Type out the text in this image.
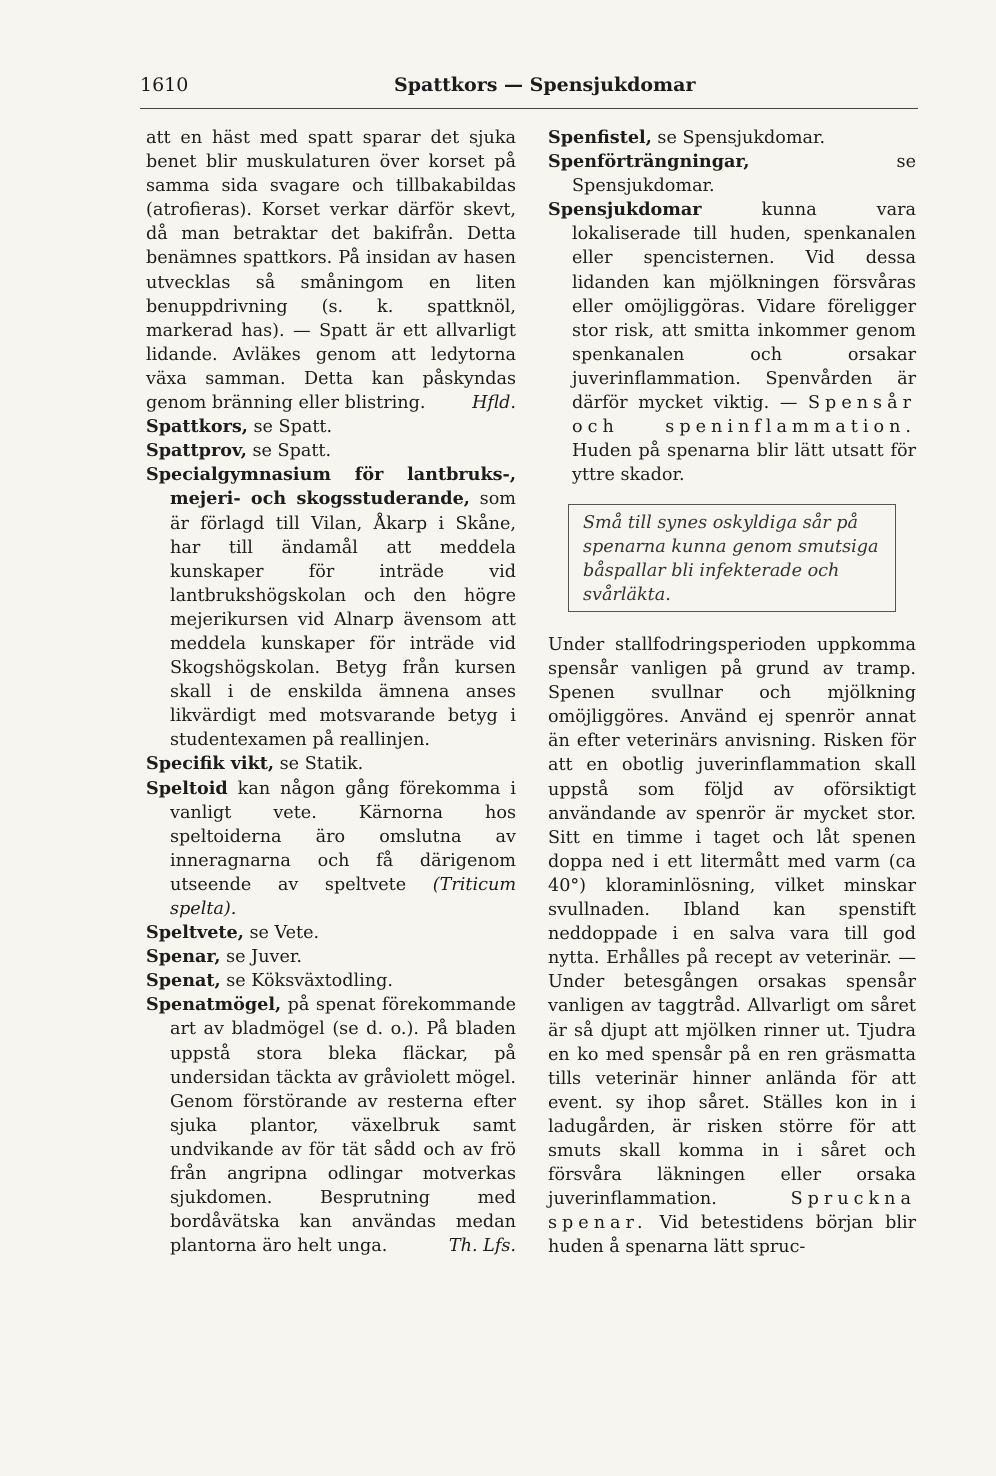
1610	Spattkors — Spensjukdomar

att en häst med spatt sparar det sjuka benet blir muskulaturen över korset på samma sida svagare och tillbakabildas (atrofieras). Korset verkar därför skevt, då man betraktar det bakifrån. Detta benämnes spattkors. På insidan av hasen utvecklas så småningom en liten benuppdrivning (s. k. spattknöl, markerad has). — Spatt är ett allvarligt lidande. Avläkes genom att ledytorna växa samman. Detta kan påskyndas genom bränning eller blistring.	Hfld.

Spattkors, se Spatt.

Spattprov, se Spatt.

Specialgymnasium för lantbruks-, mejeri- och skogsstuderande, som är förlagd till Vilan, Åkarp i Skåne, har till ändamål att meddela kunskaper för inträde vid lantbrukshögskolan och den högre mejerikursen vid Alnarp ävensom att meddela kunskaper för inträde vid Skogshögskolan. Betyg från kursen skall i de enskilda ämnena anses likvärdigt med motsvarande betyg i studentexamen på reallinjen.

Specifik vikt, se Statik.

Speltoid kan någon gång förekomma i vanligt vete. Kärnorna hos speltoiderna äro omslutna av inneragnarna och få därigenom utseende av speltvete (Triticum spelta).

Speltvete, se Vete.

Spenar, se Juver.

Spenat, se Köksväxtodling.

Spenatmögel, på spenat förekommande art av bladmögel (se d. o.). På bladen uppstå stora bleka fläckar, på undersidan täckta av gråviolett mögel. Genom förstörande av resterna efter sjuka plantor, växelbruk samt undvikande av för tät sådd och av frö från angripna odlingar motverkas sjukdomen. Besprutning med bordåvätska kan användas medan plantorna äro helt unga.	Th. Lfs.

Spenfistel, se Spensjukdomar.

Spenförträngningar, se Spensjukdomar.

Spensjukdomar kunna vara lokaliserade till huden, spenkanalen eller spencisternen. Vid dessa lidanden kan mjölkningen försvåras eller omöjliggöras. Vidare föreligger stor risk, att smitta inkommer genom spenkanalen och orsakar juverinflammation. Spenvården är därför mycket viktig. — Spensår och speninflammation. Huden på spenarna blir lätt utsatt för yttre skador.

Små till synes oskyldiga sår på spenarna kunna genom smutsiga båspallar bli infekterade och svårläkta.

Under stallfodringsperioden uppkomma spensår vanligen på grund av tramp. Spenen svullnar och mjölkning omöjliggöres. Använd ej spenrör annat än efter veterinärs anvisning. Risken för att en obotlig juverinflammation skall uppstå som följd av oförsiktigt användande av spenrör är mycket stor. Sitt en timme i taget och låt spenen doppa ned i ett litermått med varm (ca 40°) kloraminlösning, vilket minskar svullnaden. Ibland kan spenstift neddoppade i en salva vara till god nytta. Erhålles på recept av veterinär. — Under betesgången orsakas spensår vanligen av taggtråd. Allvarligt om såret är så djupt att mjölken rinner ut. Tjudra en ko med spensår på en ren gräsmatta tills veterinär hinner anlända för att event. sy ihop såret. Ställes kon in i ladugården, är risken större för att smuts skall komma in i såret och försvåra läkningen eller orsaka juverinflammation. Spruckna spenar. Vid betestidens början blir huden å spenarna lätt spruc-
